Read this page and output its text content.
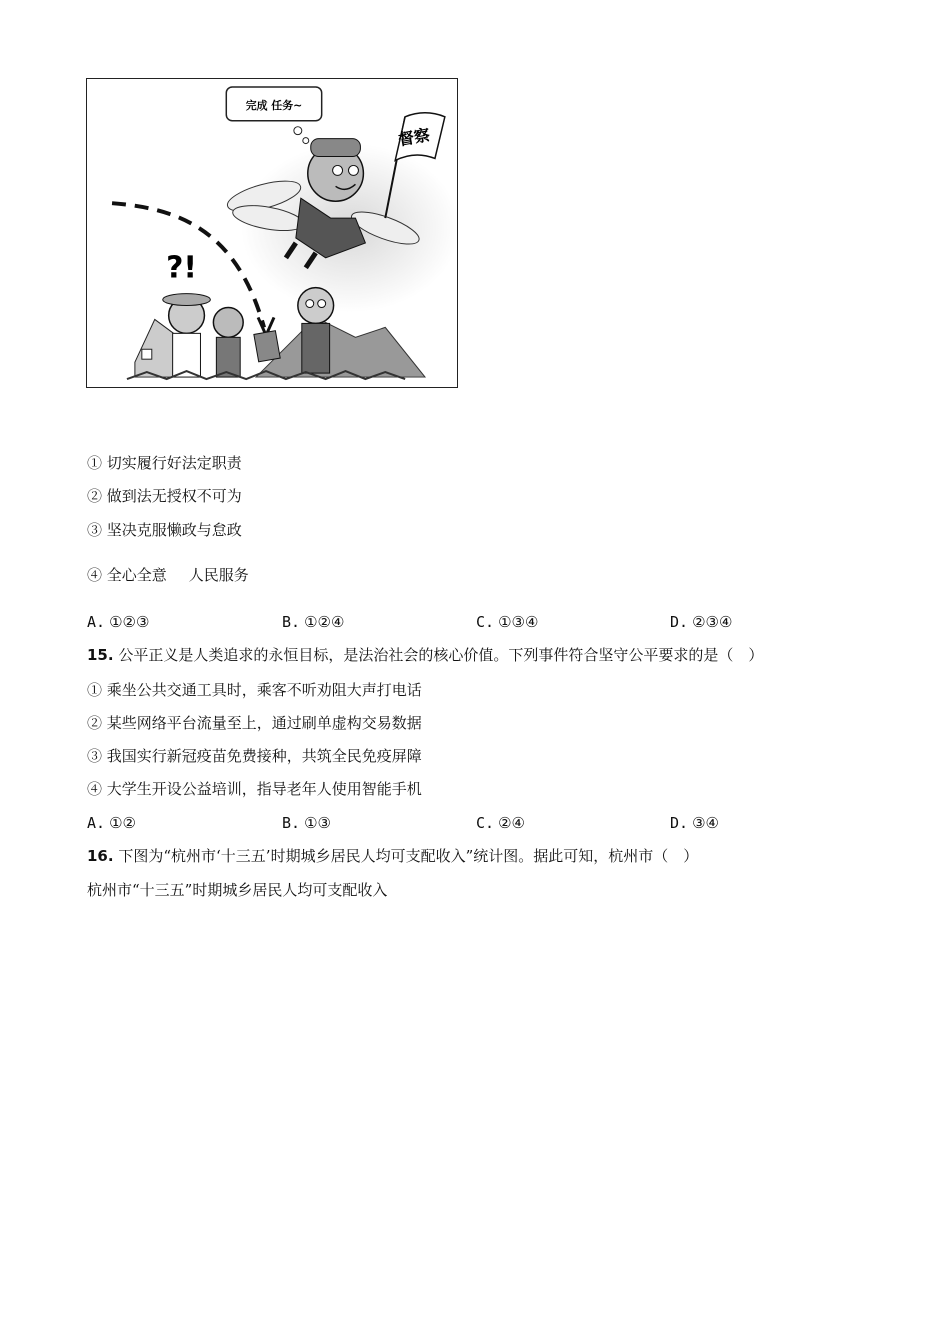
完成 任务~
督察
?!
① 切实履行好法定职责
② 做到法无授权不可为
③ 坚决克服懒政与怠政
④ 全心全意 人民服务
A. ①②③	B. ①②④	C. ①③④	D. ②③④
15. 公平正义是人类追求的永恒目标，是法治社会的核心价值。下列事件符合坚守公平要求的是（　）
① 乘坐公共交通工具时，乘客不听劝阻大声打电话
② 某些网络平台流量至上，通过刷单虚构交易数据
③ 我国实行新冠疫苗免费接种，共筑全民免疫屏障
④ 大学生开设公益培训，指导老年人使用智能手机
A. ①②	B. ①③	C. ②④	D. ③④
16. 下图为“杭州市‘十三五’时期城乡居民人均可支配收入”统计图。据此可知，杭州市（　）
杭州市“十三五”时期城乡居民人均可支配收入
